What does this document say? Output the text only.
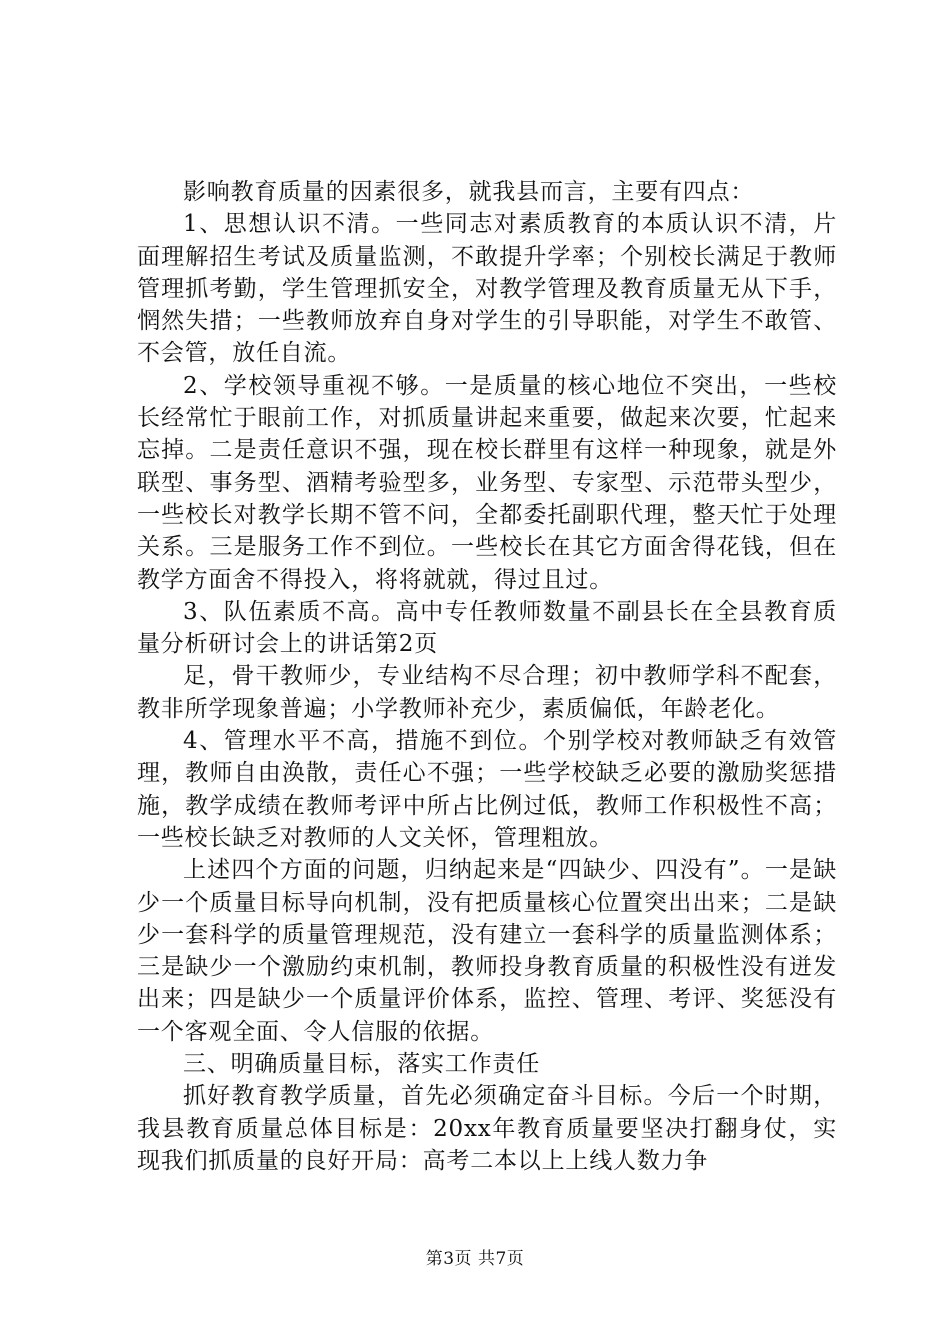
影响教育质量的因素很多，就我县而言，主要有四点：

1、思想认识不清。一些同志对素质教育的本质认识不清，片面理解招生考试及质量监测，不敢提升学率；个别校长满足于教师管理抓考勤，学生管理抓安全，对教学管理及教育质量无从下手，惘然失措；一些教师放弃自身对学生的引导职能，对学生不敢管、不会管，放任自流。

2、学校领导重视不够。一是质量的核心地位不突出，一些校长经常忙于眼前工作，对抓质量讲起来重要，做起来次要，忙起来忘掉。二是责任意识不强，现在校长群里有这样一种现象，就是外联型、事务型、酒精考验型多，业务型、专家型、示范带头型少，一些校长对教学长期不管不问，全都委托副职代理，整天忙于处理关系。三是服务工作不到位。一些校长在其它方面舍得花钱，但在教学方面舍不得投入，将将就就，得过且过。

3、队伍素质不高。高中专任教师数量不副县长在全县教育质量分析研讨会上的讲话第2页

足，骨干教师少，专业结构不尽合理；初中教师学科不配套，教非所学现象普遍；小学教师补充少，素质偏低，年龄老化。

4、管理水平不高，措施不到位。个别学校对教师缺乏有效管理，教师自由涣散，责任心不强；一些学校缺乏必要的激励奖惩措施，教学成绩在教师考评中所占比例过低，教师工作积极性不高；一些校长缺乏对教师的人文关怀，管理粗放。

上述四个方面的问题，归纳起来是“四缺少、四没有”。一是缺少一个质量目标导向机制，没有把质量核心位置突出出来；二是缺少一套科学的质量管理规范，没有建立一套科学的质量监测体系；三是缺少一个激励约束机制，教师投身教育质量的积极性没有迸发出来；四是缺少一个质量评价体系，监控、管理、考评、奖惩没有一个客观全面、令人信服的依据。

三、明确质量目标，落实工作责任

抓好教育教学质量，首先必须确定奋斗目标。今后一个时期，我县教育质量总体目标是：20xx年教育质量要坚决打翻身仗，实现我们抓质量的良好开局：高考二本以上上线人数力争

第3页 共7页
